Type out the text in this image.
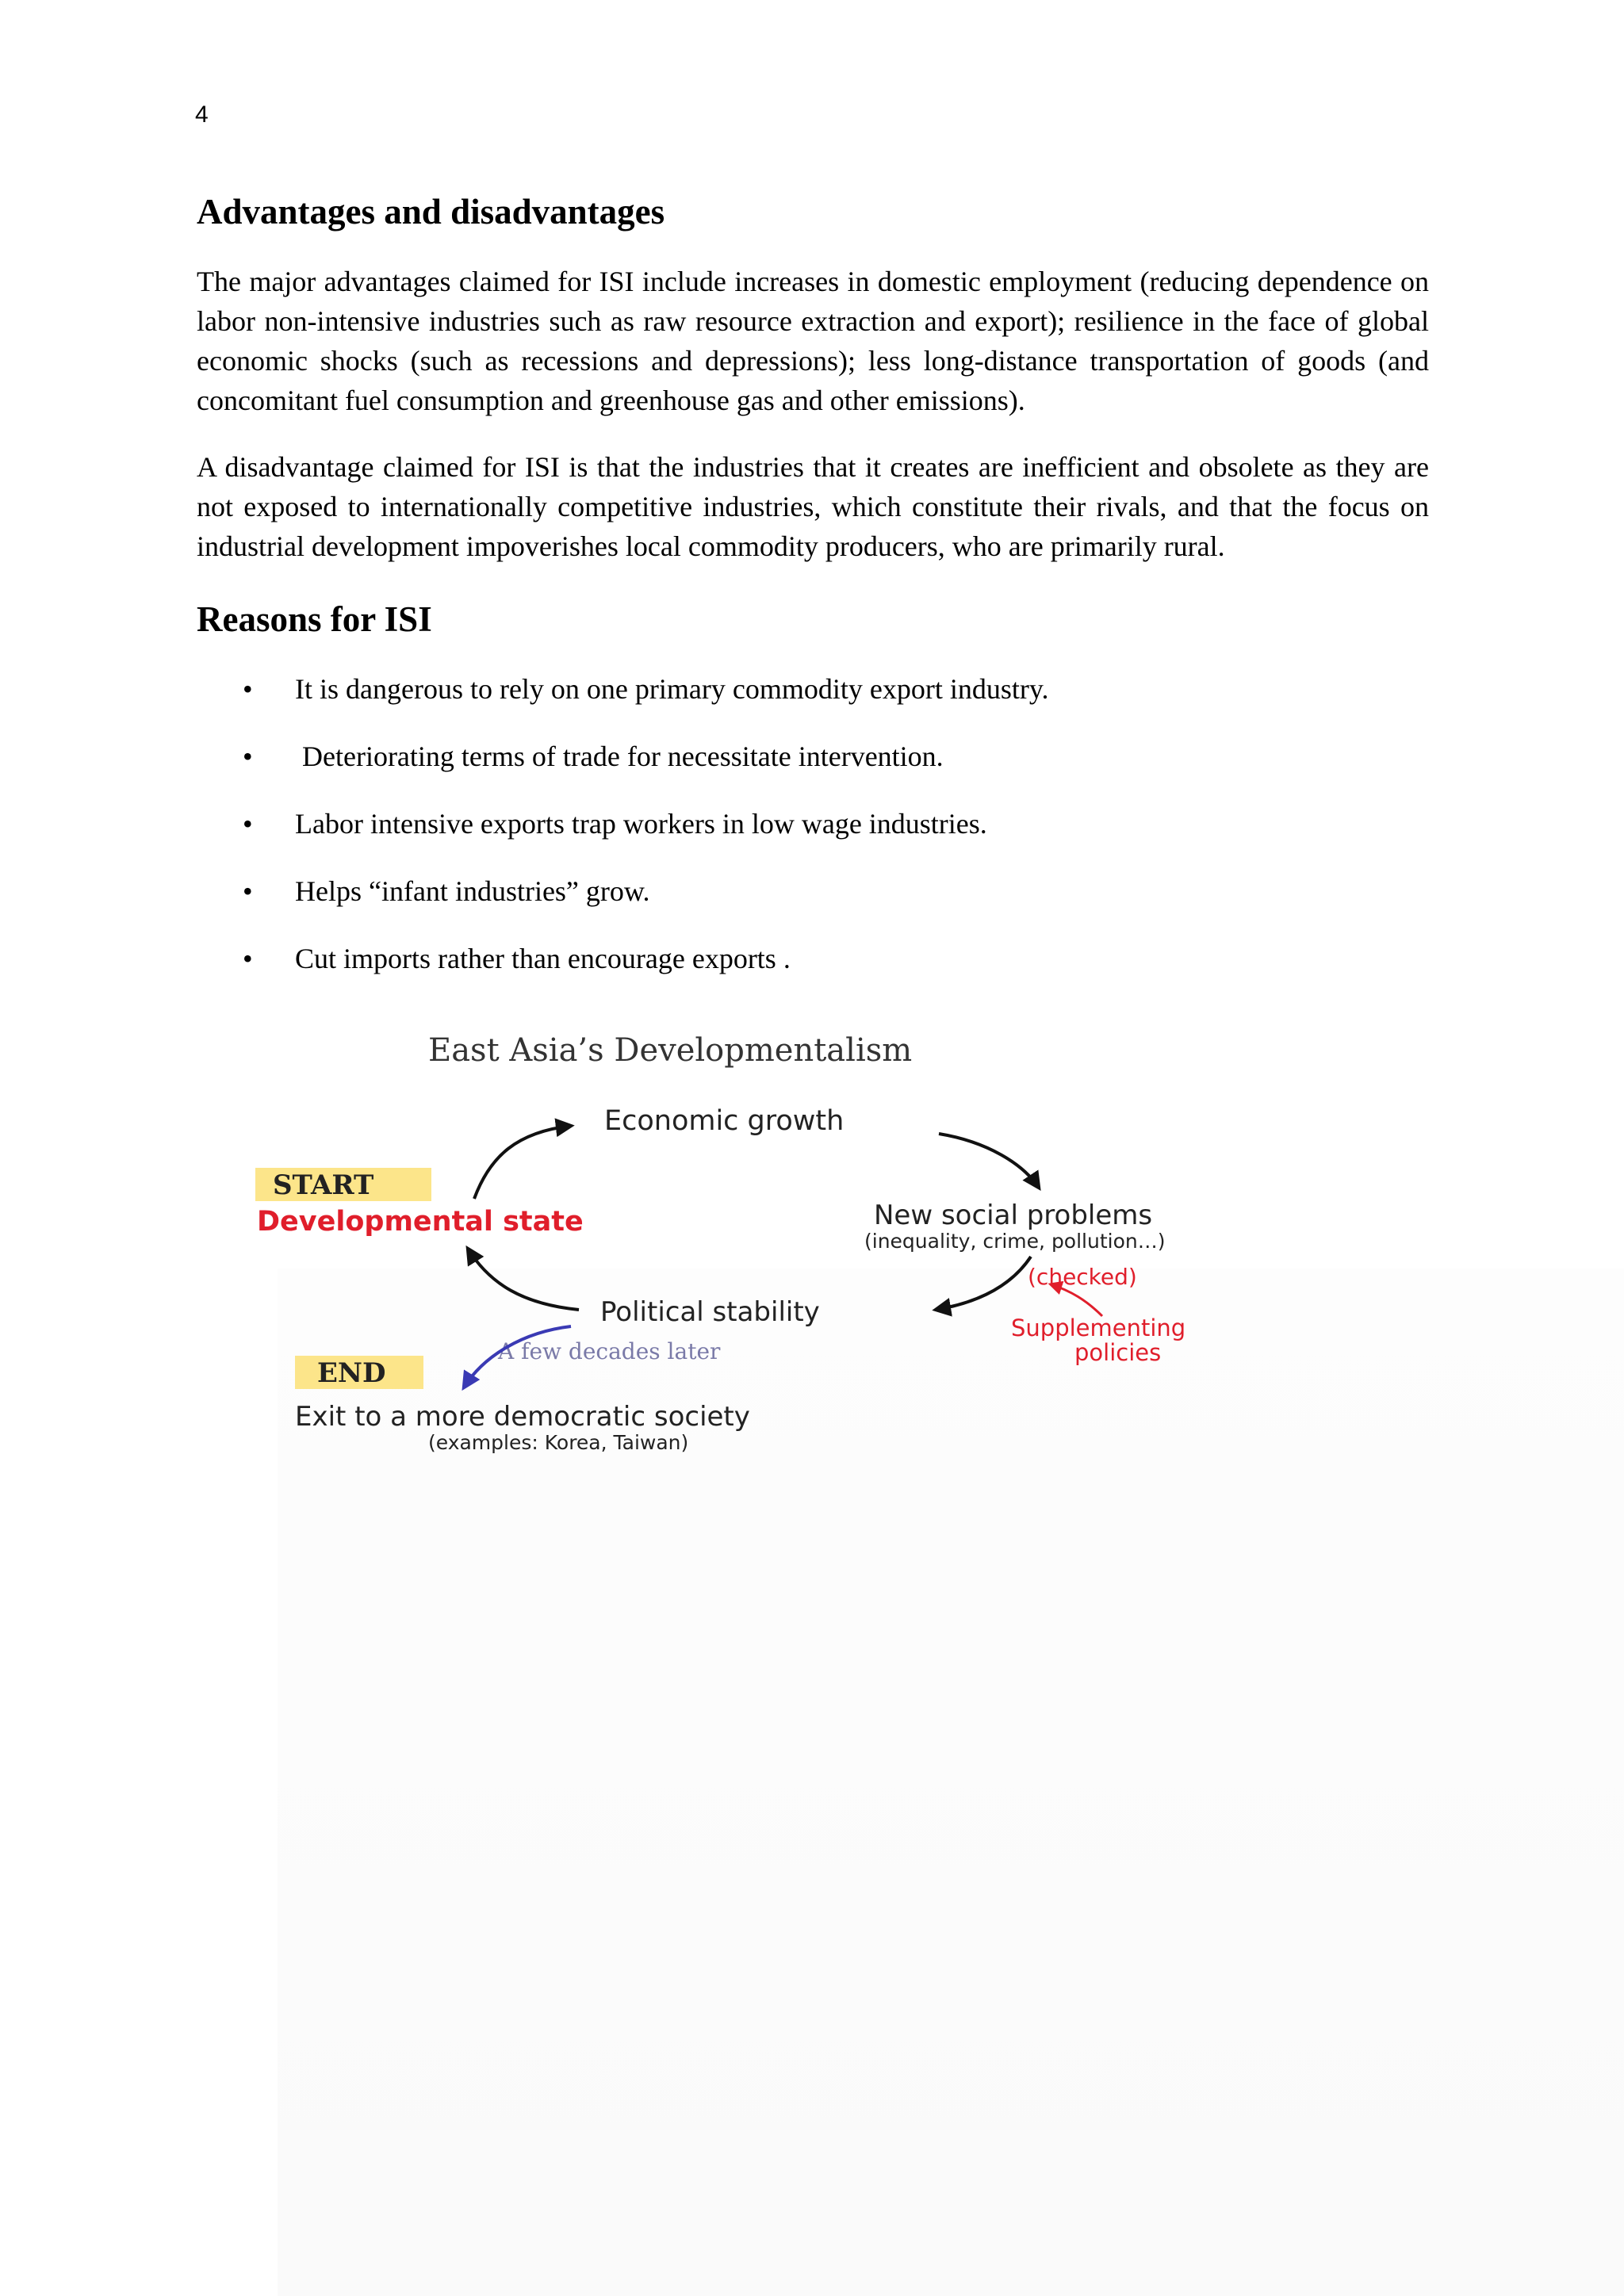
4
Advantages and disadvantages

The major advantages claimed for ISI include increases in domestic employment (reducing dependence on labor non-intensive industries such as raw resource extraction and export); resilience in the face of global economic shocks (such as recessions and depressions); less long-distance transportation of goods (and concomitant fuel consumption and greenhouse gas and other emissions).

A disadvantage claimed for ISI is that the industries that it creates are inefficient and obsolete as they are not exposed to internationally competitive industries, which constitute their rivals, and that the focus on industrial development impoverishes local commodity producers, who are primarily rural.

Reasons for ISI
• It is dangerous to rely on one primary commodity export industry.
• Deteriorating terms of trade for necessitate intervention.
• Labor intensive exports trap workers in low wage industries.
• Helps “infant industries” grow.
• Cut imports rather than encourage exports .
East Asia’s Developmentalism
Economic growth
START
Developmental state	New social problems
(inequality, crime, pollution…)
(checked)
Supplementing
policies
Political stability
A few decades later
END
Exit to a more democratic society
(examples: Korea, Taiwan)
